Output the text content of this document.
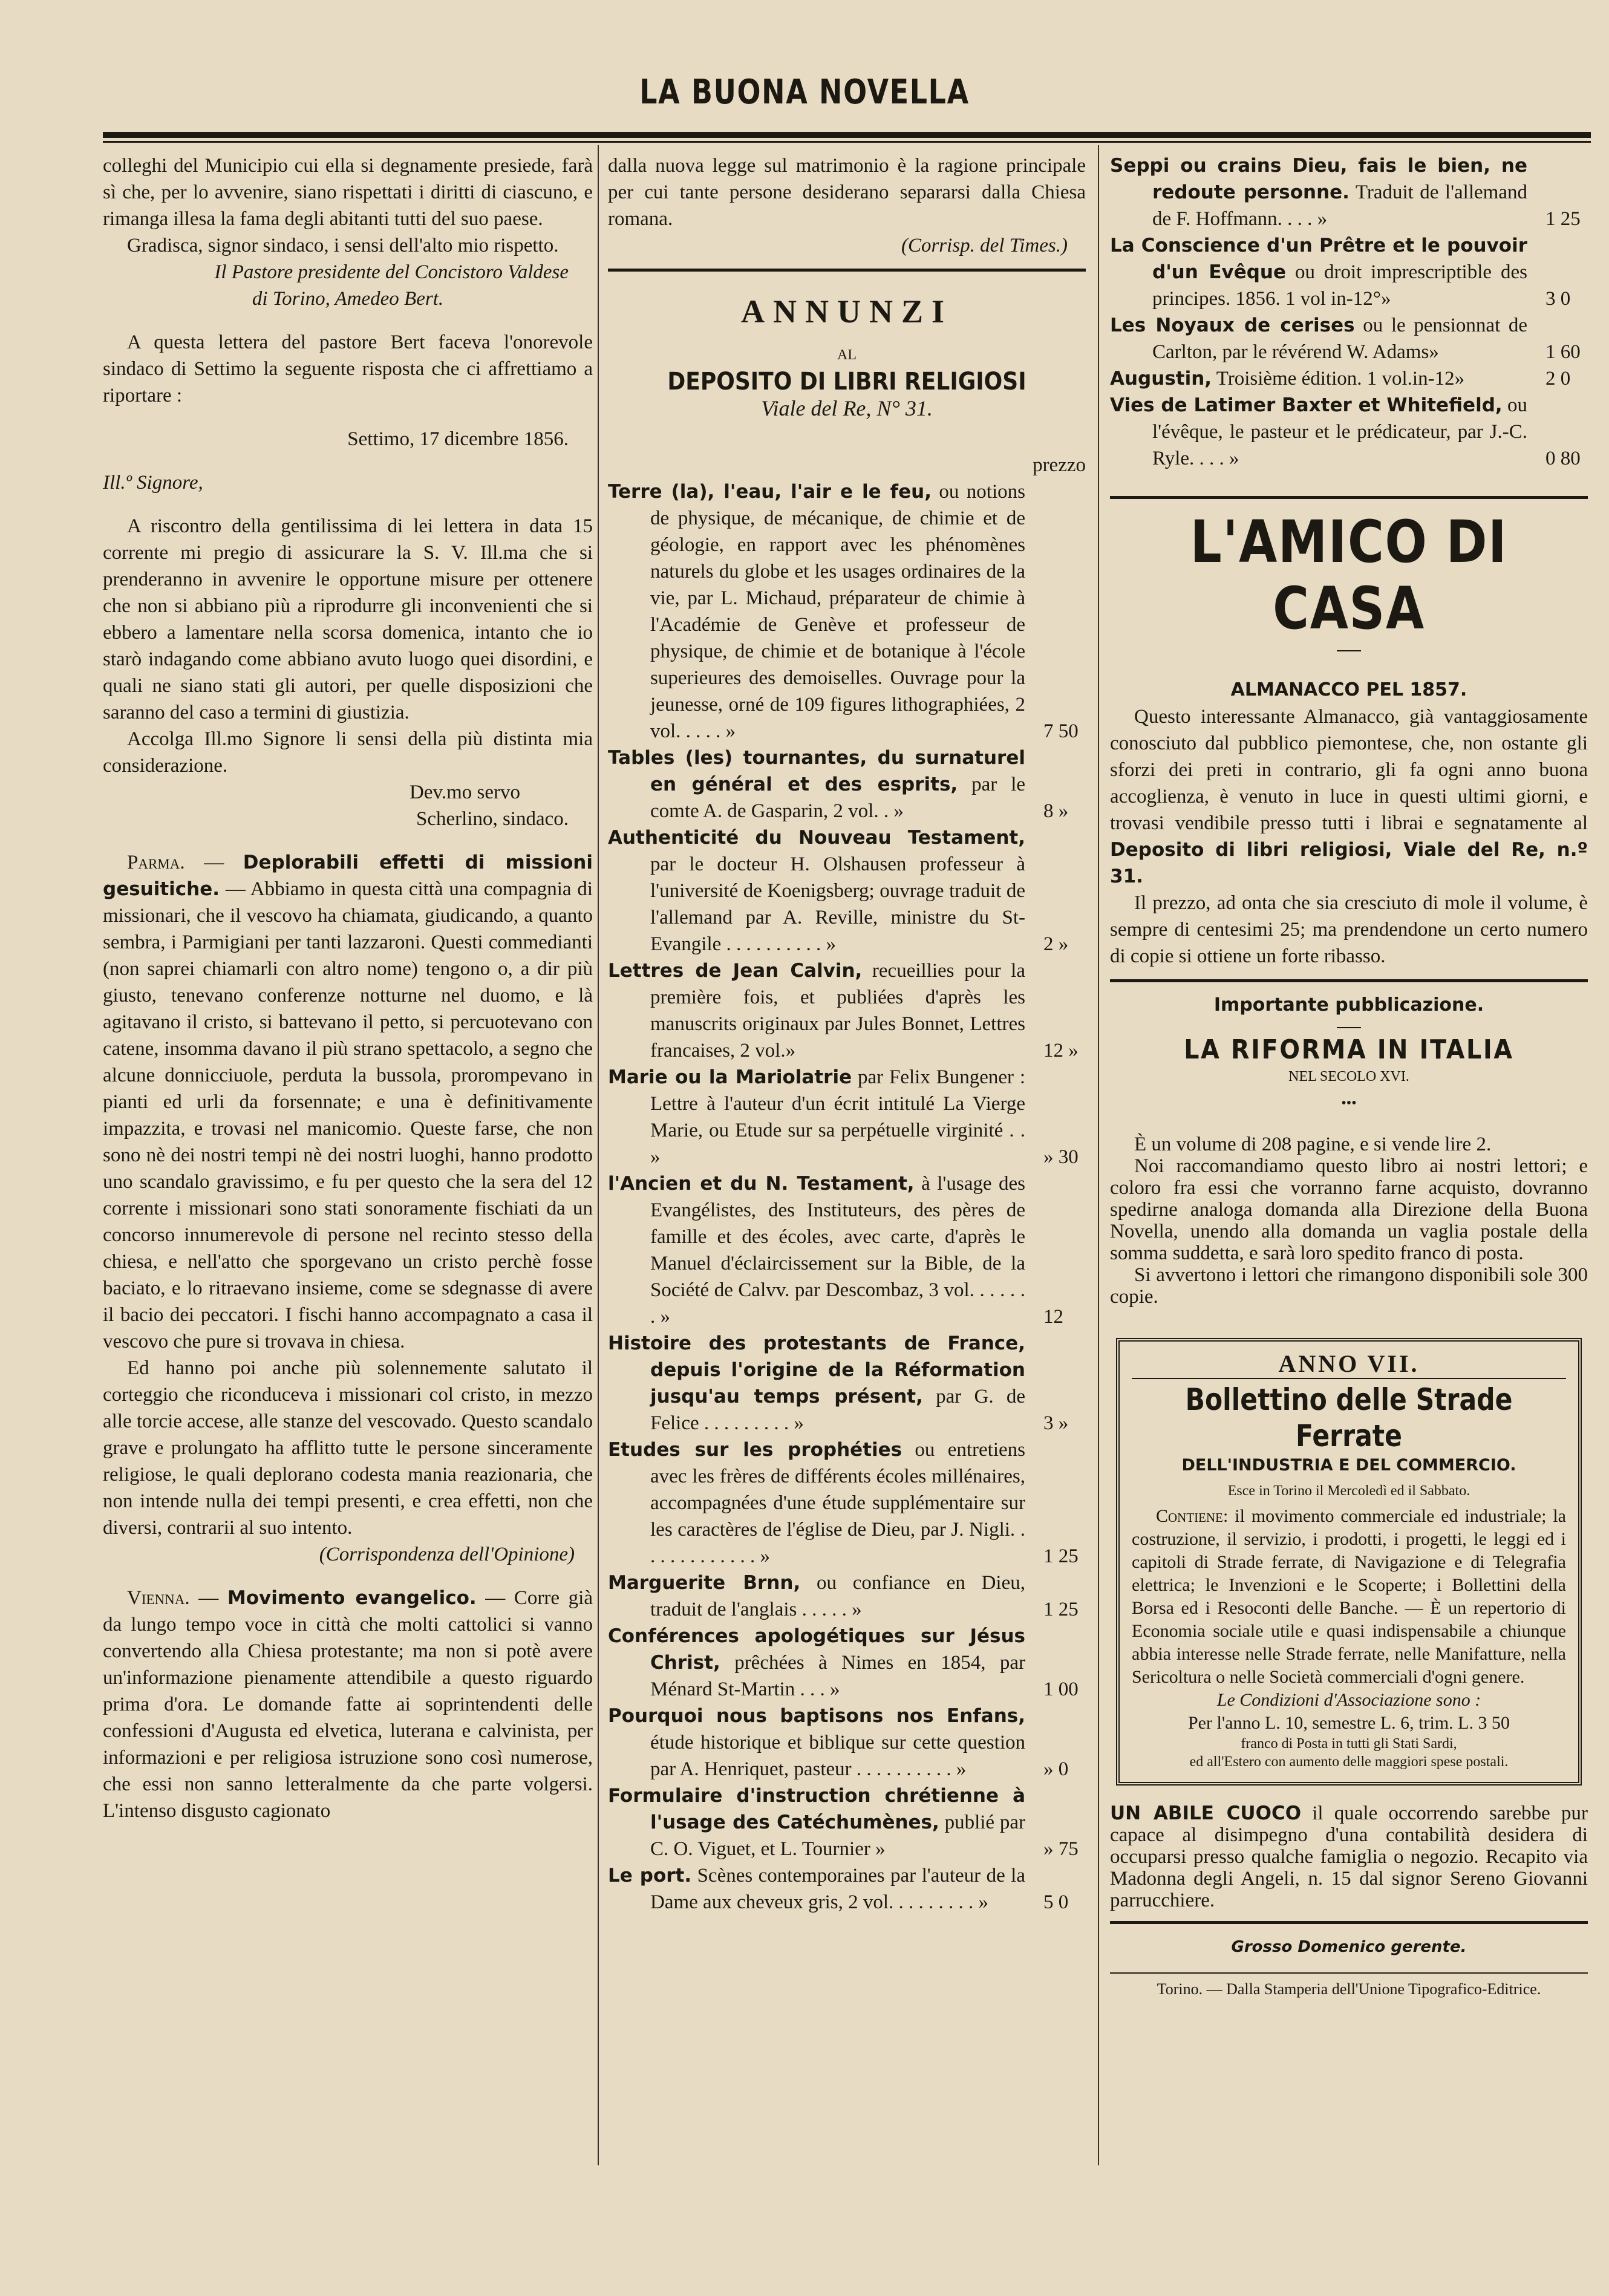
LA BUONA NOVELLA

colleghi del Municipio cui ella si degnamente presiede, farà sì che, per lo avvenire, siano rispettati i diritti di ciascuno, e rimanga illesa la fama degli abitanti tutti del suo paese.

Gradisca, signor sindaco, i sensi dell'alto mio rispetto.

Il Pastore presidente del Concistoro Valdese

di Torino, Amedeo Bert.

A questa lettera del pastore Bert faceva l'onorevole sindaco di Settimo la seguente risposta che ci affrettiamo a riportare :

Settimo, 17 dicembre 1856.

Ill.º Signore,

A riscontro della gentilissima di lei lettera in data 15 corrente mi pregio di assicurare la S. V. Ill.ma che si prenderanno in avvenire le opportune misure per ottenere che non si abbiano più a riprodurre gli inconvenienti che si ebbero a lamentare nella scorsa domenica, intanto che io starò indagando come abbiano avuto luogo quei disordini, e quali ne siano stati gli autori, per quelle disposizioni che saranno del caso a termini di giustizia.

Accolga Ill.mo Signore li sensi della più distinta mia considerazione.

Dev.mo servo

Scherlino, sindaco.

Parma. — Deplorabili effetti di missioni gesuitiche. — Abbiamo in questa città una compagnia di missionari, che il vescovo ha chiamata, giudicando, a quanto sembra, i Parmigiani per tanti lazzaroni. Questi commedianti (non saprei chiamarli con altro nome) tengono o, a dir più giusto, tenevano conferenze notturne nel duomo, e là agitavano il cristo, si battevano il petto, si percuotevano con catene, insomma davano il più strano spettacolo, a segno che alcune donnicciuole, perduta la bussola, prorompevano in pianti ed urli da forsennate; e una è definitivamente impazzita, e trovasi nel manicomio. Queste farse, che non sono nè dei nostri tempi nè dei nostri luoghi, hanno prodotto uno scandalo gravissimo, e fu per questo che la sera del 12 corrente i missionari sono stati sonoramente fischiati da un concorso innumerevole di persone nel recinto stesso della chiesa, e nell'atto che sporgevano un cristo perchè fosse baciato, e lo ritraevano insieme, come se sdegnasse di avere il bacio dei peccatori. I fischi hanno accompagnato a casa il vescovo che pure si trovava in chiesa.

Ed hanno poi anche più solennemente salutato il corteggio che riconduceva i missionari col cristo, in mezzo alle torcie accese, alle stanze del vescovado. Questo scandalo grave e prolungato ha afflitto tutte le persone sinceramente religiose, le quali deplorano codesta mania reazionaria, che non intende nulla dei tempi presenti, e crea effetti, non che diversi, contrarii al suo intento.

(Corrispondenza dell'Opinione)

Vienna. — Movimento evangelico. — Corre già da lungo tempo voce in città che molti cattolici si vanno convertendo alla Chiesa protestante; ma non si potè avere un'informazione pienamente attendibile a questo riguardo prima d'ora. Le domande fatte ai soprintendenti delle confessioni d'Augusta ed elvetica, luterana e calvinista, per informazioni e per religiosa istruzione sono così numerose, che essi non sanno letteralmente da che parte volgersi. L'intenso disgusto cagionato

dalla nuova legge sul matrimonio è la ragione principale per cui tante persone desiderano separarsi dalla Chiesa romana.

(Corrisp. del Times.)

ANNUNZI
AL
DEPOSITO DI LIBRI RELIGIOSI
Viale del Re, N° 31.

prezzo

Terre (la), l'eau, l'air e le feu, ou notions de physique, de mécanique, de chimie et de géologie, en rapport avec les phénomènes naturels du globe et les usages ordinaires de la vie, par L. Michaud, préparateur de chimie à l'Académie de Genève et professeur de physique, de chimie et de botanique à l'école superieures des demoiselles. Ouvrage pour la jeunesse, orné de 109 figures lithographiées, 2 vol. . . . . »	7 50

Tables (les) tournantes, du surnaturel en général et des esprits, par le comte A. de Gasparin, 2 vol. . »	8 »

Authenticité du Nouveau Testament, par le docteur H. Olshausen professeur à l'université de Koenigsberg; ouvrage traduit de l'allemand par A. Reville, ministre du St-Evangile . . . . . . . . . . »	2 »

Lettres de Jean Calvin, recueillies pour la première fois, et publiées d'après les manuscrits originaux par Jules Bonnet, Lettres francaises, 2 vol.»	12 »

Marie ou la Mariolatrie par Felix Bungener : Lettre à l'auteur d'un écrit intitulé La Vierge Marie, ou Etude sur sa perpétuelle virginité . . »	» 30

l'Ancien et du N. Testament, à l'usage des Evangélistes, des Instituteurs, des pères de famille et des écoles, avec carte, d'après le Manuel d'éclaircissement sur la Bible, de la Société de Calvv. par Descombaz, 3 vol. . . . . . . »	12

Histoire des protestants de France, depuis l'origine de la Réformation jusqu'au temps présent, par G. de Felice . . . . . . . . . »	3 »

Etudes sur les prophéties ou entretiens avec les frères de différents écoles millénaires, accompagnées d'une étude supplémentaire sur les caractères de l'église de Dieu, par J. Nigli. . . . . . . . . . . . . »	1 25

Marguerite Brnn, ou confiance en Dieu, traduit de l'anglais . . . . . »	1 25

Conférences apologétiques sur Jésus Christ, prêchées à Nimes en 1854, par Ménard St-Martin . . . »	1 00

Pourquoi nous baptisons nos Enfans, étude historique et biblique sur cette question par A. Henriquet, pasteur . . . . . . . . . . »	» 0

Formulaire d'instruction chrétienne à l'usage des Catéchumènes, publié par C. O. Viguet, et L. Tournier »	» 75

Le port. Scènes contemporaines par l'auteur de la Dame aux cheveux gris, 2 vol. . . . . . . . . »	5 0

Seppi ou crains Dieu, fais le bien, ne redoute personne. Traduit de l'allemand de F. Hoffmann. . . . »	1 25

La Conscience d'un Prêtre et le pouvoir d'un Evêque ou droit imprescriptible des principes. 1856. 1 vol in-12°»	3 0

Les Noyaux de cerises ou le pensionnat de Carlton, par le révérend W. Adams»	1 60

Augustin, Troisième édition. 1 vol.in-12»	2 0

Vies de Latimer Baxter et Whitefield, ou l'évêque, le pasteur et le prédicateur, par J.-C. Ryle. . . . »	0 80

L'AMICO DI CASA
ALMANACCO PEL 1857.

Questo interessante Almanacco, già vantaggiosamente conosciuto dal pubblico piemontese, che, non ostante gli sforzi dei preti in contrario, gli fa ogni anno buona accoglienza, è venuto in luce in questi ultimi giorni, e trovasi vendibile presso tutti i librai e segnatamente al Deposito di libri religiosi, Viale del Re, n.º 31.

Il prezzo, ad onta che sia cresciuto di mole il volume, è sempre di centesimi 25; ma prendendone un certo numero di copie si ottiene un forte ribasso.

Importante pubblicazione.
LA RIFORMA IN ITALIA
NEL SECOLO XVI.
•••

È un volume di 208 pagine, e si vende lire 2.

Noi raccomandiamo questo libro ai nostri lettori; e coloro fra essi che vorranno farne acquisto, dovranno spedirne analoga domanda alla Direzione della Buona Novella, unendo alla domanda un vaglia postale della somma suddetta, e sarà loro spedito franco di posta.

Si avvertono i lettori che rimangono disponibili sole 300 copie.

ANNO VII.
Bollettino delle Strade Ferrate
DELL'INDUSTRIA E DEL COMMERCIO.
Esce in Torino il Mercoledì ed il Sabbato.

Contiene: il movimento commerciale ed industriale; la costruzione, il servizio, i prodotti, i progetti, le leggi ed i capitoli di Strade ferrate, di Navigazione e di Telegrafia elettrica; le Invenzioni e le Scoperte; i Bollettini della Borsa ed i Resoconti delle Banche. — È un repertorio di Economia sociale utile e quasi indispensabile a chiunque abbia interesse nelle Strade ferrate, nelle Manifatture, nella Sericoltura o nelle Società commerciali d'ogni genere.

Le Condizioni d'Associazione sono :
Per l'anno L. 10, semestre L. 6, trim. L. 3 50
franco di Posta in tutti gli Stati Sardi,
ed all'Estero con aumento delle maggiori spese postali.

UN ABILE CUOCO il quale occorrendo sarebbe pur capace al disimpegno d'una contabilità desidera di occuparsi presso qualche famiglia o negozio. Recapito via Madonna degli Angeli, n. 15 dal signor Sereno Giovanni parrucchiere.

Grosso Domenico gerente.
Torino. — Dalla Stamperia dell'Unione Tipografico-Editrice.
